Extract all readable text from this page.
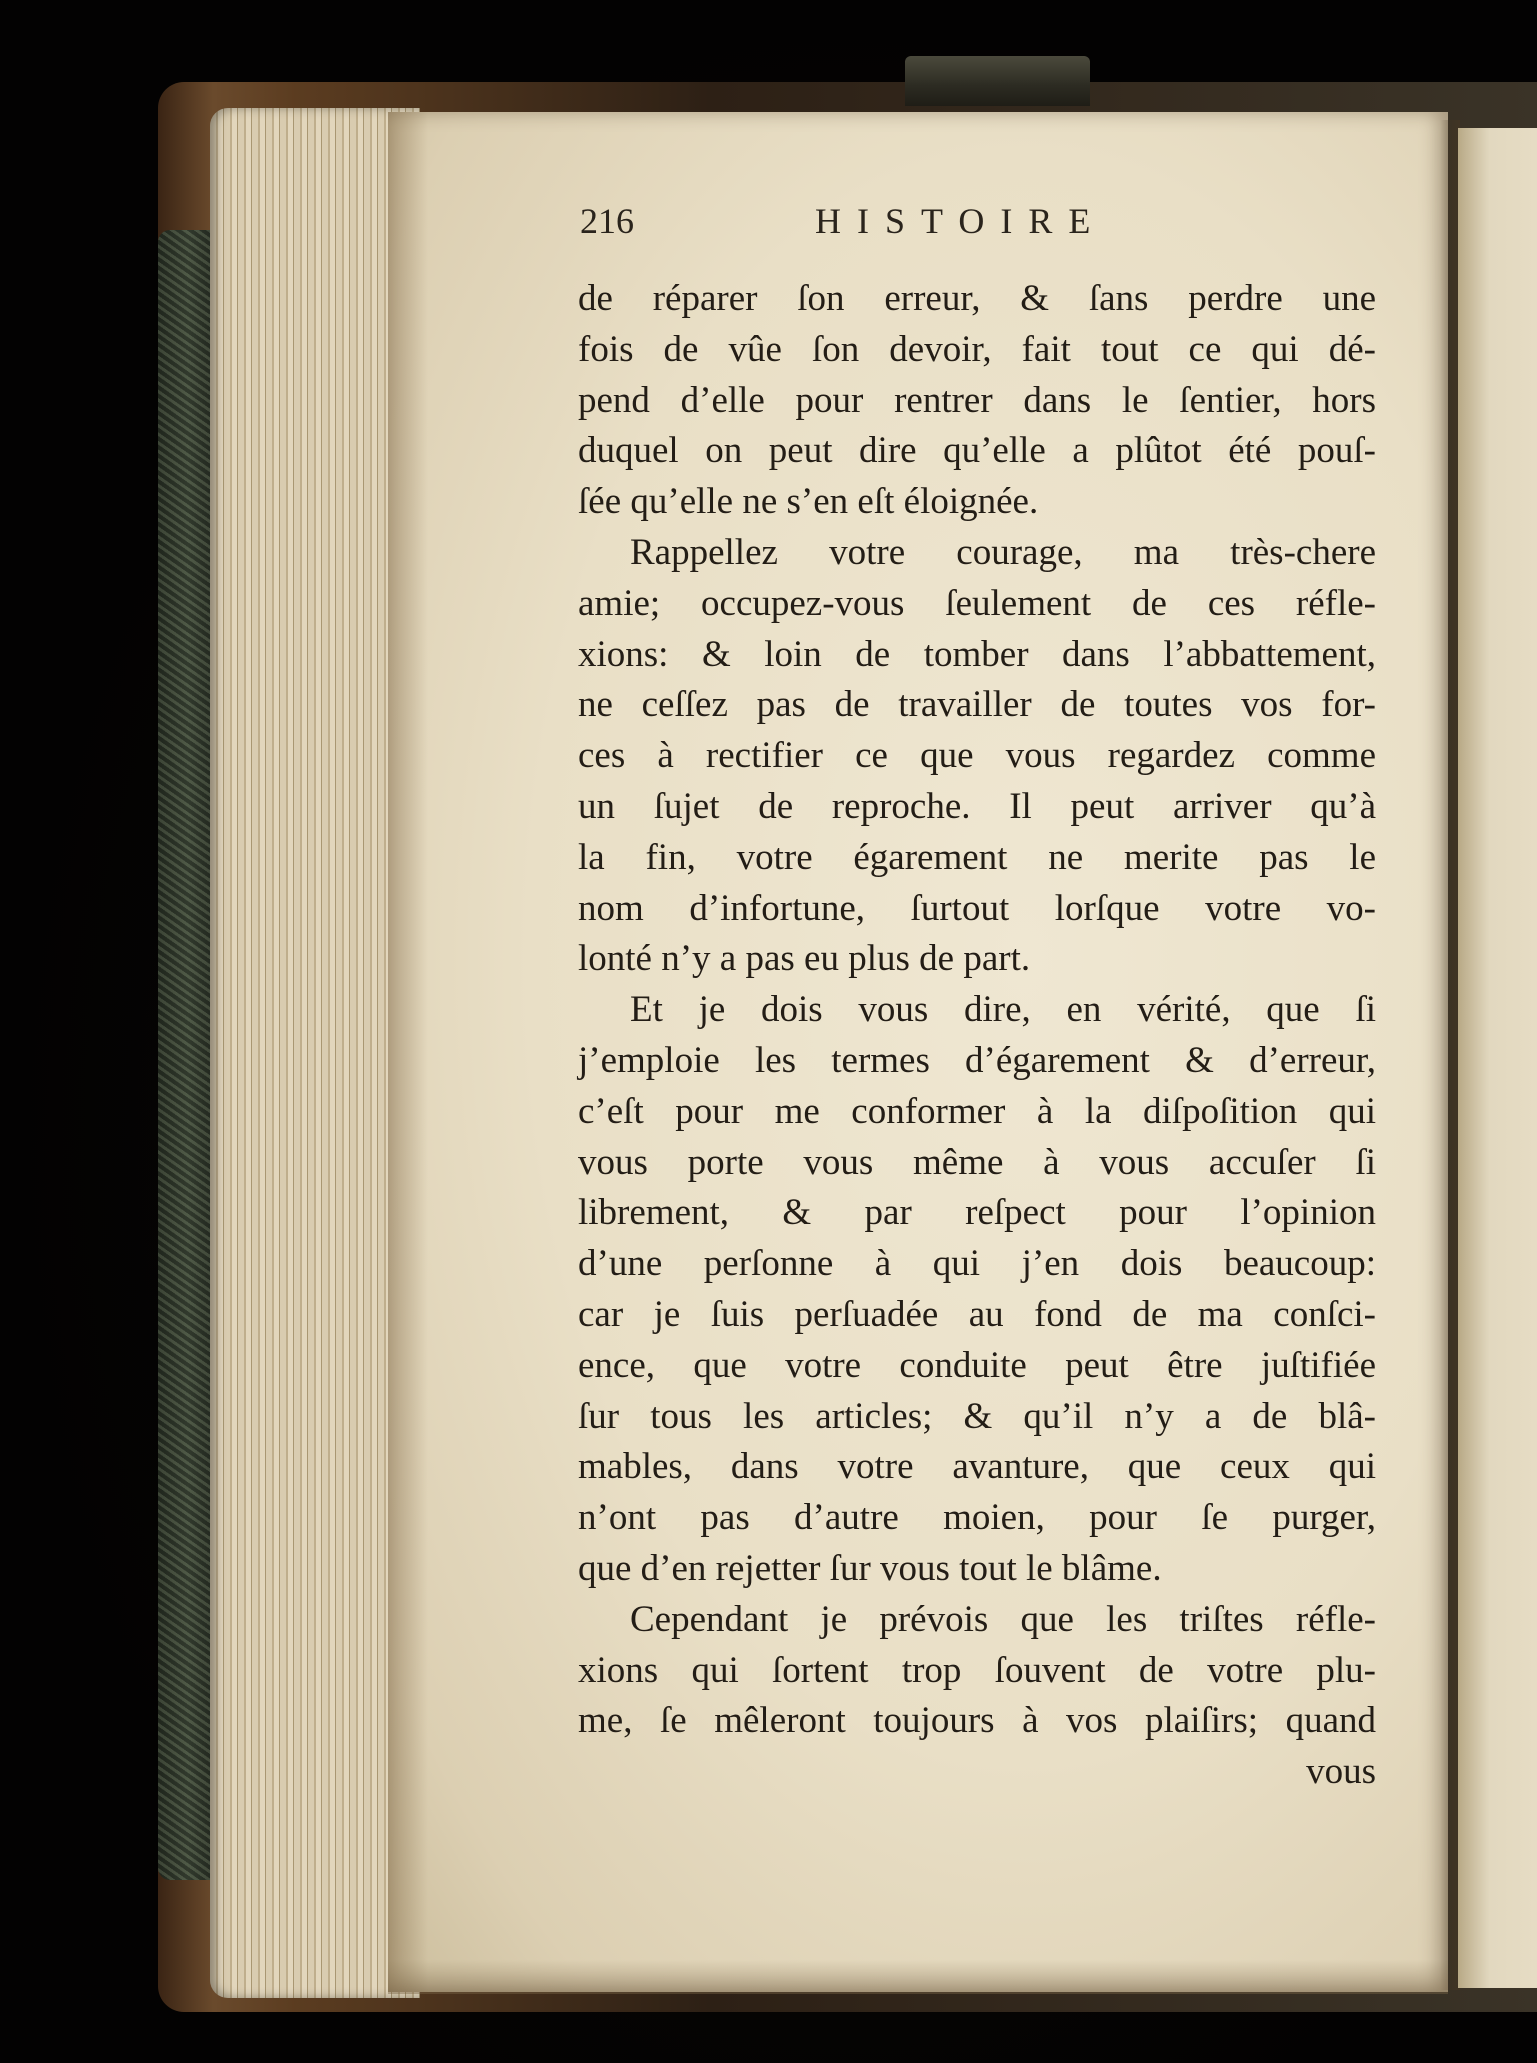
216	HISTOIRE
de réparer ſon erreur, & ſans perdre une
fois de vûe ſon devoir, fait tout ce qui dé-
pend d’elle pour rentrer dans le ſentier, hors
duquel on peut dire qu’elle a plûtot été pouſ-
ſée qu’elle ne s’en eſt éloignée.
Rappellez votre courage, ma très-chere
amie; occupez-vous ſeulement de ces réfle-
xions: & loin de tomber dans l’abbattement,
ne ceſſez pas de travailler de toutes vos for-
ces à rectifier ce que vous regardez comme
un ſujet de reproche. Il peut arriver qu’à
la fin, votre égarement ne merite pas le
nom d’infortune, ſurtout lorſque votre vo-
lonté n’y a pas eu plus de part.
Et je dois vous dire, en vérité, que ſi
j’emploie les termes d’égarement & d’erreur,
c’eſt pour me conformer à la diſpoſition qui
vous porte vous même à vous accuſer ſi
librement, & par reſpect pour l’opinion
d’une perſonne à qui j’en dois beaucoup:
car je ſuis perſuadée au fond de ma conſci-
ence, que votre conduite peut être juſtifiée
ſur tous les articles; & qu’il n’y a de blâ-
mables, dans votre avanture, que ceux qui
n’ont pas d’autre moien, pour ſe purger,
que d’en rejetter ſur vous tout le blâme.
Cependant je prévois que les triſtes réfle-
xions qui ſortent trop ſouvent de votre plu-
me, ſe mêleront toujours à vos plaiſirs; quand
vous
